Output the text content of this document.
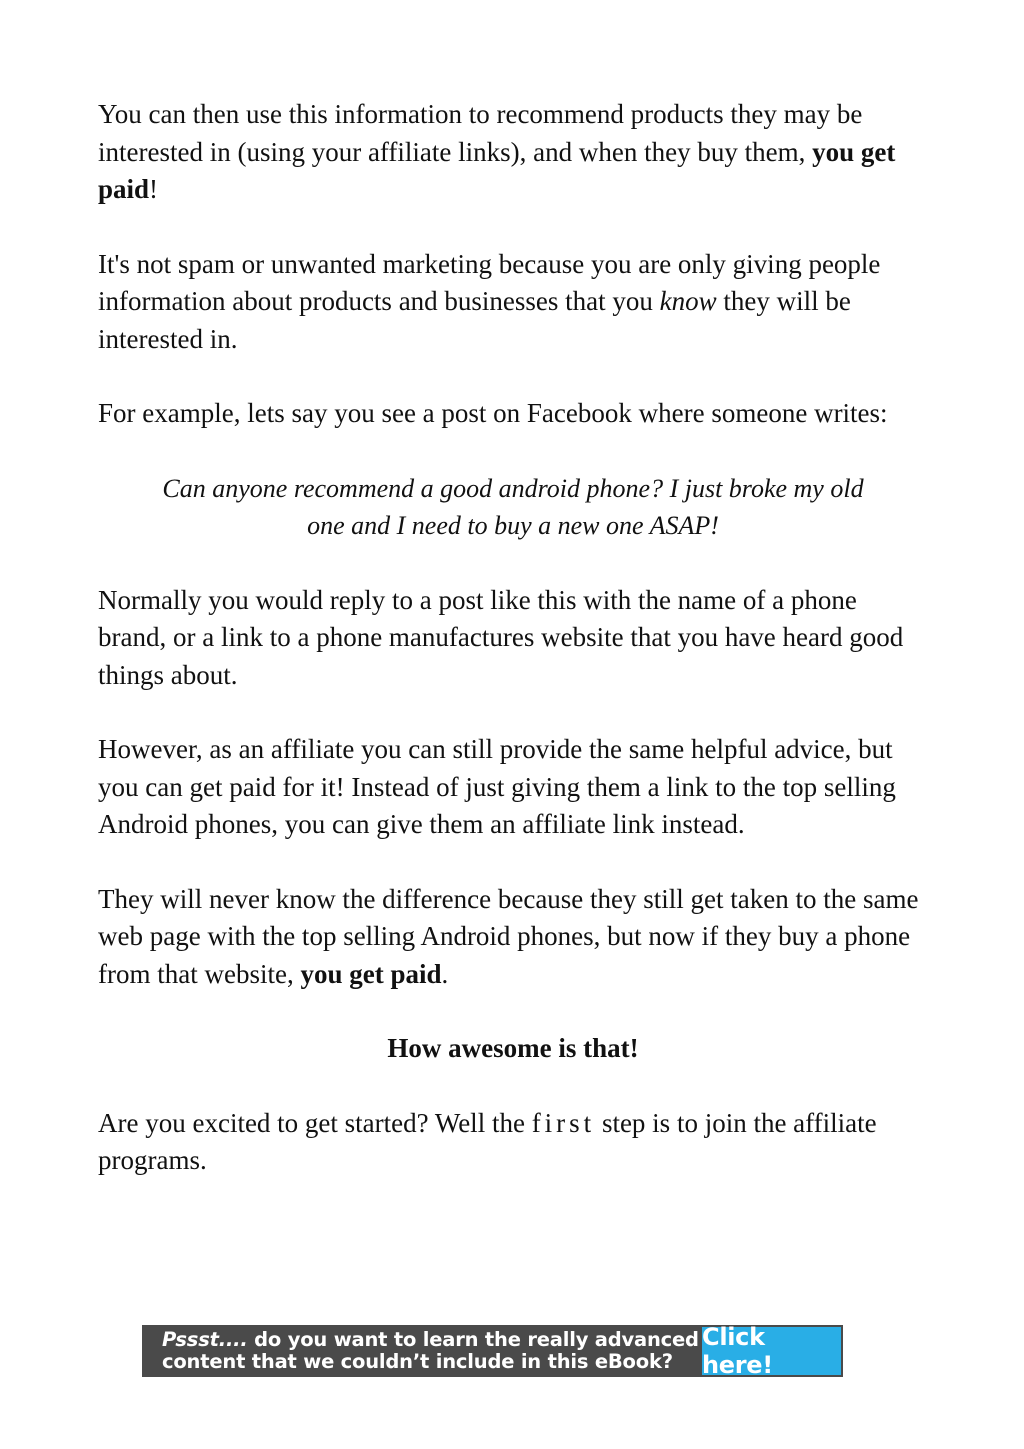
You can then use this information to recommend products they may be interested in (using your affiliate links), and when they buy them, you get paid!

It's not spam or unwanted marketing because you are only giving people information about products and businesses that you know they will be interested in.

For example, lets say you see a post on Facebook where someone writes:

Can anyone recommend a good android phone? I just broke my old
one and I need to buy a new one ASAP!

Normally you would reply to a post like this with the name of a phone brand, or a link to a phone manufactures website that you have heard good things about.

However, as an affiliate you can still provide the same helpful advice, but you can get paid for it! Instead of just giving them a link to the top selling Android phones, you can give them an affiliate link instead.

They will never know the difference because they still get taken to the same web page with the top selling Android phones, but now if they buy a phone from that website, you get paid.

How awesome is that!

Are you excited to get started? Well the first step is to join the affiliate programs.

Pssst.... do you want to learn the really advanced
content that we couldn’t include in this eBook?
Click here!
